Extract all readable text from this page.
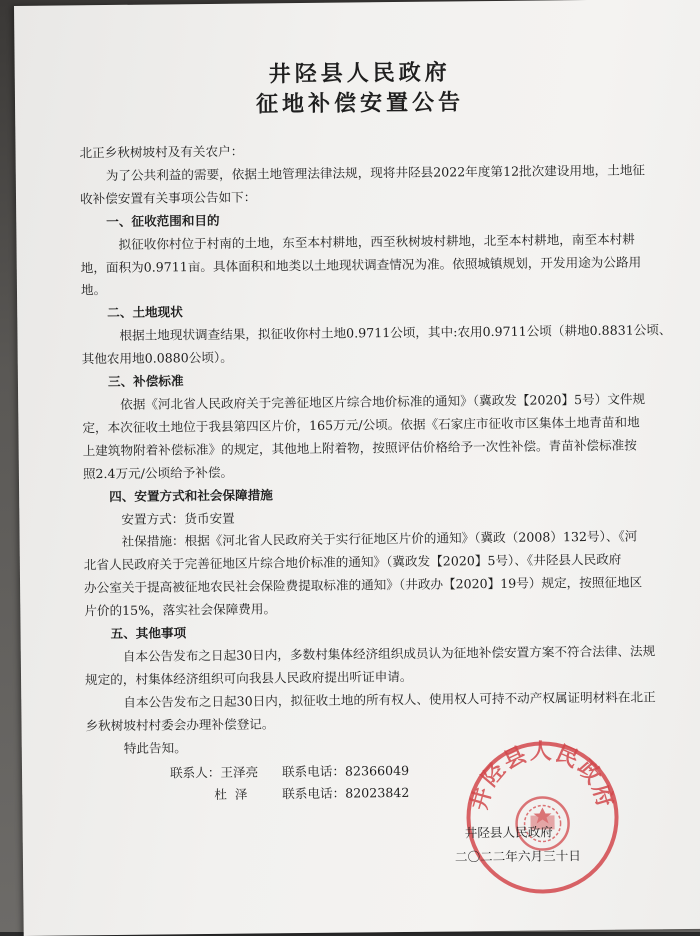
井陉县人民政府
征地补偿安置公告
北正乡秋树坡村及有关农户：
为了公共利益的需要，依据土地管理法律法规，现将井陉县2022年度第12批次建设用地，土地征
收补偿安置有关事项公告如下：
一、征收范围和目的
拟征收你村位于村南的土地，东至本村耕地，西至秋树坡村耕地，北至本村耕地，南至本村耕
地，面积为0.9711亩。具体面积和地类以土地现状调查情况为准。依照城镇规划，开发用途为公路用
地。
二、土地现状
根据土地现状调查结果，拟征收你村土地0.9711公顷，其中:农用0.9711公顷（耕地0.8831公顷、
其他农用地0.0880公顷）。
三、补偿标准
依据《河北省人民政府关于完善征地区片综合地价标准的通知》（冀政发【2020】5号）文件规
定，本次征收土地位于我县第四区片价，165万元/公顷。依据《石家庄市征收市区集体土地青苗和地
上建筑物附着补偿标准》的规定，其他地上附着物，按照评估价格给予一次性补偿。青苗补偿标准按
照2.4万元/公顷给予补偿。
四、安置方式和社会保障措施
安置方式：货币安置
社保措施：根据《河北省人民政府关于实行征地区片价的通知》（冀政（2008）132号）、《河
北省人民政府关于完善征地区片综合地价标准的通知》（冀政发【2020】5号）、《井陉县人民政府
办公室关于提高被征地农民社会保险费提取标准的通知》（井政办【2020】19号）规定，按照征地区
片价的15%，落实社会保障费用。
五、其他事项
自本公告发布之日起30日内，多数村集体经济组织成员认为征地补偿安置方案不符合法律、法规
规定的，村集体经济组织可向我县人民政府提出听证申请。
自本公告发布之日起30日内，拟征收土地的所有权人、使用权人可持不动产权属证明材料在北正
乡秋树坡村村委会办理补偿登记。
特此告知。
联系人：王泽亮 联系电话：82366049
杜  泽	联系电话：82023842	井陉县人民政府
井陉县人民政府
二〇二二年六月三十日
